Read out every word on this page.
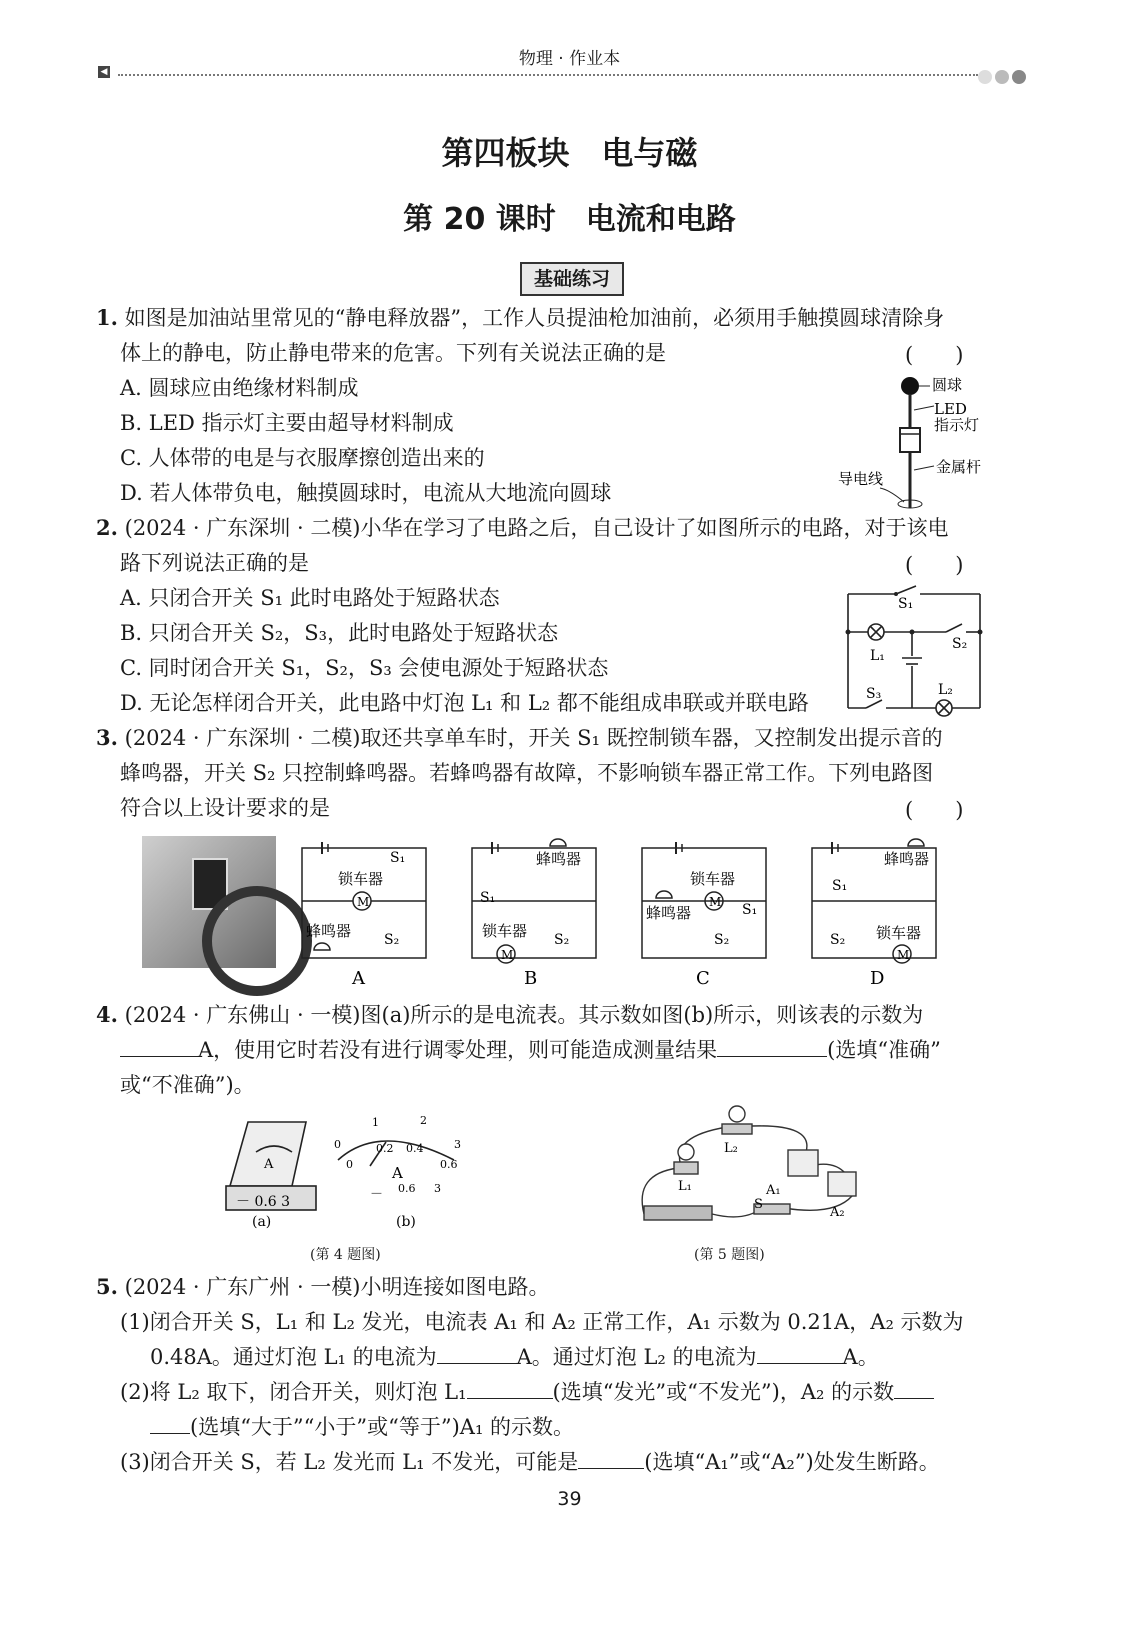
◀
物理 · 作业本
第四板块　电与磁
第 20 课时　电流和电路
基础练习
1. 如图是加油站里常见的“静电释放器”，工作人员提油枪加油前，必须用手触摸圆球清除身
体上的静电，防止静电带来的危害。下列有关说法正确的是	(　　)
A. 圆球应由绝缘材料制成
B. LED 指示灯主要由超导材料制成
C. 人体带的电是与衣服摩擦创造出来的
D. 若人体带负电，触摸圆球时，电流从大地流向圆球
圆球
LED
指示灯
金属杆
导电线
2. (2024 · 广东深圳 · 二模)小华在学习了电路之后，自己设计了如图所示的电路，对于该电
路下列说法正确的是	(　　)
A. 只闭合开关 S₁ 此时电路处于短路状态
B. 只闭合开关 S₂，S₃，此时电路处于短路状态
C. 同时闭合开关 S₁，S₂，S₃ 会使电源处于短路状态
D. 无论怎样闭合开关，此电路中灯泡 L₁ 和 L₂ 都不能组成串联或并联电路
S₁
S₂
L₁
S₃	L₂
3. (2024 · 广东深圳 · 二模)取还共享单车时，开关 S₁ 既控制锁车器，又控制发出提示音的
蜂鸣器，开关 S₂ 只控制蜂鸣器。若蜂鸣器有故障，不影响锁车器正常工作。下列电路图
符合以上设计要求的是	(　　)
S₁
锁车器
M
蜂鸣器 S₂
A
蜂鸣器
S₁
锁车器
M
S₂
B
锁车器
M
蜂鸣器	S₁
S₂
C
蜂鸣器
S₁
S₂ 锁车器
M
D
4. (2024 · 广东佛山 · 一模)图(a)所示的是电流表。其示数如图(b)所示，则该表的示数为
A，使用它时若没有进行调零处理，则可能造成测量结果	(选填“准确”
或“不准确”)。
A
－ 0.6 3
(a)
0
1	2
3
0
0.2 0.4
0.6
A
－ 0.6 3
(b)
(第 4 题图)
L₂
L₁	A₁
A₂
S
(第 5 题图)
5. (2024 · 广东广州 · 一模)小明连接如图电路。
(1)闭合开关 S，L₁ 和 L₂ 发光，电流表 A₁ 和 A₂ 正常工作，A₁ 示数为 0.21A，A₂ 示数为
0.48A。通过灯泡 L₁ 的电流为	A。通过灯泡 L₂ 的电流为	A。
(2)将 L₂ 取下，闭合开关，则灯泡 L₁	(选填“发光”或“不发光”)，A₂ 的示数
(选填“大于”“小于”或“等于”)A₁ 的示数。
(3)闭合开关 S，若 L₂ 发光而 L₁ 不发光，可能是	(选填“A₁”或“A₂”)处发生断路。
39
